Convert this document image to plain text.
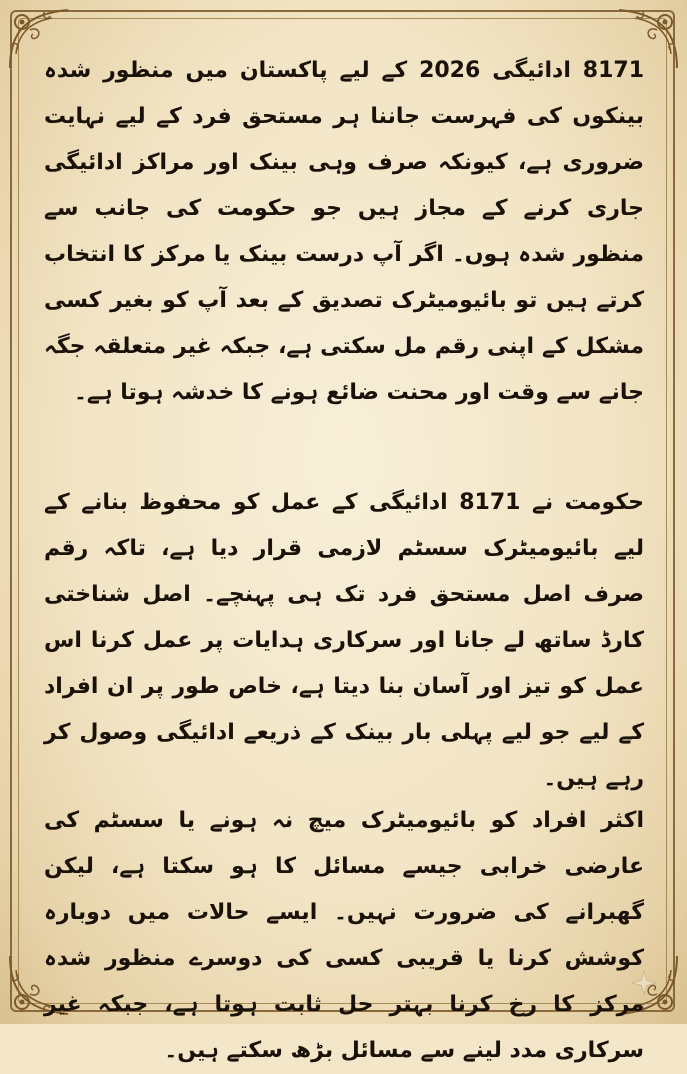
8171 ادائیگی 2026 کے لیے پاکستان میں منظور شدہ بینکوں کی فہرست جاننا ہر مستحق فرد کے لیے نہایت ضروری ہے، کیونکہ صرف وہی بینک اور مراکز ادائیگی جاری کرنے کے مجاز ہیں جو حکومت کی جانب سے منظور شدہ ہوں۔ اگر آپ درست بینک یا مرکز کا انتخاب کرتے ہیں تو بائیومیٹرک تصدیق کے بعد آپ کو بغیر کسی مشکل کے اپنی رقم مل سکتی ہے، جبکہ غیر متعلقہ جگہ جانے سے وقت اور محنت ضائع ہونے کا خدشہ ہوتا ہے۔

حکومت نے 8171 ادائیگی کے عمل کو محفوظ بنانے کے لیے بائیومیٹرک سسٹم لازمی قرار دیا ہے، تاکہ رقم صرف اصل مستحق فرد تک ہی پہنچے۔ اصل شناختی کارڈ ساتھ لے جانا اور سرکاری ہدایات پر عمل کرنا اس عمل کو تیز اور آسان بنا دیتا ہے، خاص طور پر ان افراد کے لیے جو لیے پہلی بار بینک کے ذریعے ادائیگی وصول کر رہے ہیں۔

اکثر افراد کو بائیومیٹرک میچ نہ ہونے یا سسٹم کی عارضی خرابی جیسے مسائل کا ہو سکتا ہے، لیکن گھبرانے کی ضرورت نہیں۔ ایسے حالات میں دوبارہ کوشش کرنا یا قریبی کسی کی دوسرے منظور شدہ مرکز کا رخ کرنا بہتر حل ثابت ہوتا ہے، جبکہ غیر سرکاری مدد لینے سے مسائل بڑھ سکتے ہیں۔
